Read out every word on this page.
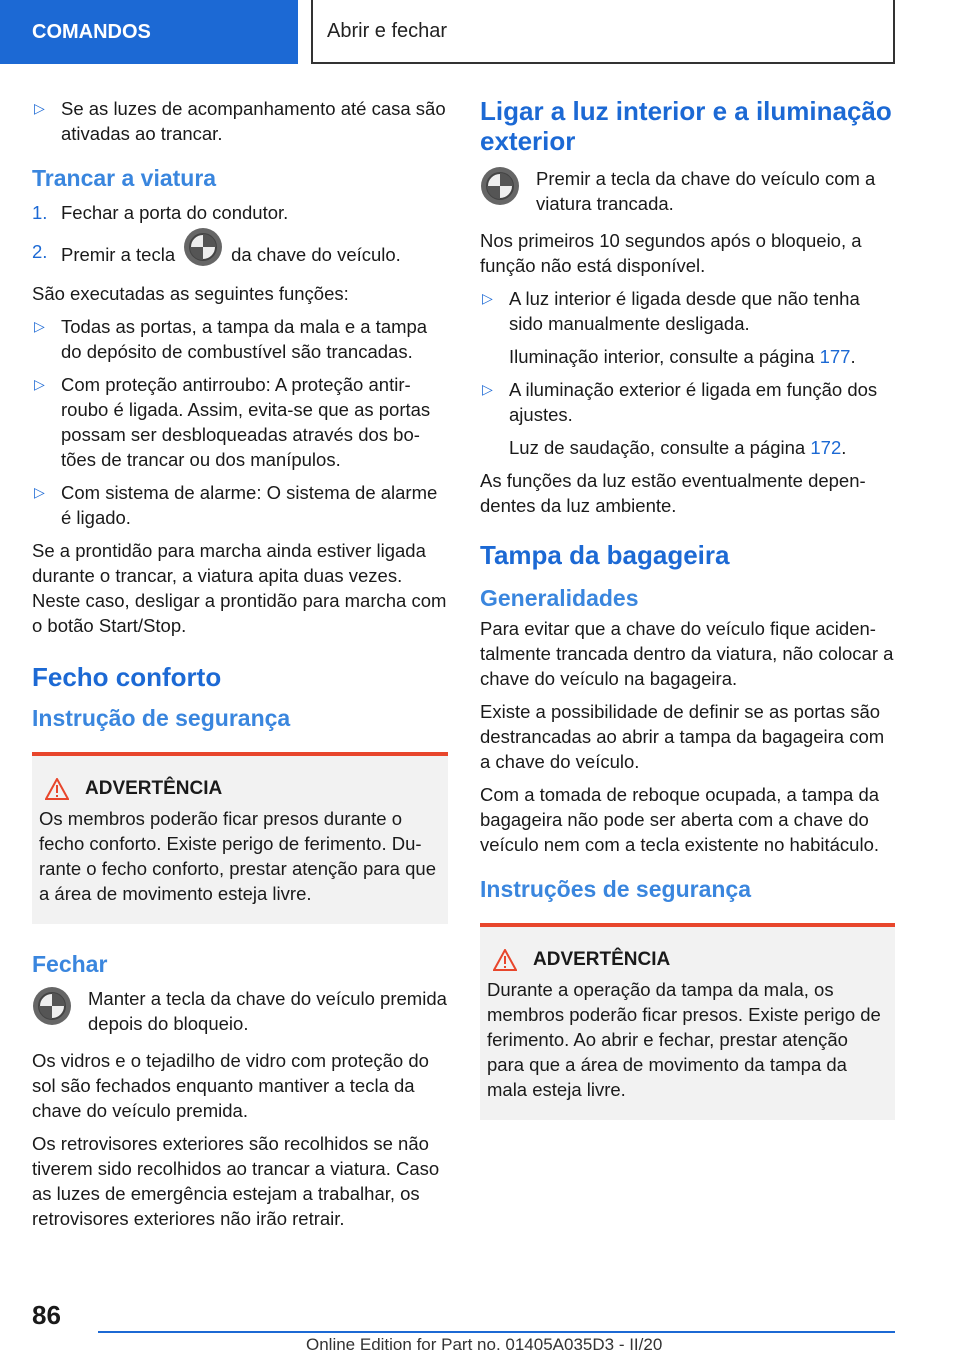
COMANDOS	Abrir e fechar

▷ Se as luzes de acompanhamento até casa são ativadas ao trancar.

Trancar a viatura

1. Fechar a porta do condutor.

2. Premir a tecla	da chave do veículo.

São executadas as seguintes funções:

▷ Todas as portas, a tampa da mala e a tampa do depósito de combustível são trancadas.

▷ Com proteção antirroubo: A proteção antirroubo é ligada. Assim, evita-se que as portas possam ser desbloqueadas através dos botões de trancar ou dos manípulos.

▷ Com sistema de alarme: O sistema de alarme é ligado.

Se a prontidão para marcha ainda estiver ligada durante o trancar, a viatura apita duas vezes. Neste caso, desligar a prontidão para marcha com o botão Start/Stop.

Fecho conforto
Instrução de segurança
ADVERTÊNCIA

Os membros poderão ficar presos durante o fecho conforto. Existe perigo de ferimento. Durante o fecho conforto, prestar atenção para que a área de movimento esteja livre.

Fechar

Manter a tecla da chave do veículo premida depois do bloqueio.

Os vidros e o tejadilho de vidro com proteção do sol são fechados enquanto mantiver a tecla da chave do veículo premida.

Os retrovisores exteriores são recolhidos se não tiverem sido recolhidos ao trancar a viatura. Caso as luzes de emergência estejam a trabalhar, os retrovisores exteriores não irão retrair.

Ligar a luz interior e a iluminação exterior

Premir a tecla da chave do veículo com a viatura trancada.

Nos primeiros 10 segundos após o bloqueio, a função não está disponível.

▷ A luz interior é ligada desde que não tenha sido manualmente desligada.

Iluminação interior, consulte a página 177.

▷ A iluminação exterior é ligada em função dos ajustes.

Luz de saudação, consulte a página 172.

As funções da luz estão eventualmente dependentes da luz ambiente.

Tampa da bagageira
Generalidades

Para evitar que a chave do veículo fique acidentalmente trancada dentro da viatura, não colocar a chave do veículo na bagageira.

Existe a possibilidade de definir se as portas são destrancadas ao abrir a tampa da bagageira com a chave do veículo.

Com a tomada de reboque ocupada, a tampa da bagageira não pode ser aberta com a chave do veículo nem com a tecla existente no habitáculo.

Instruções de segurança
ADVERTÊNCIA

Durante a operação da tampa da mala, os membros poderão ficar presos. Existe perigo de ferimento. Ao abrir e fechar, prestar atenção para que a área de movimento da tampa da mala esteja livre.

86
Online Edition for Part no. 01405A035D3 - II/20
